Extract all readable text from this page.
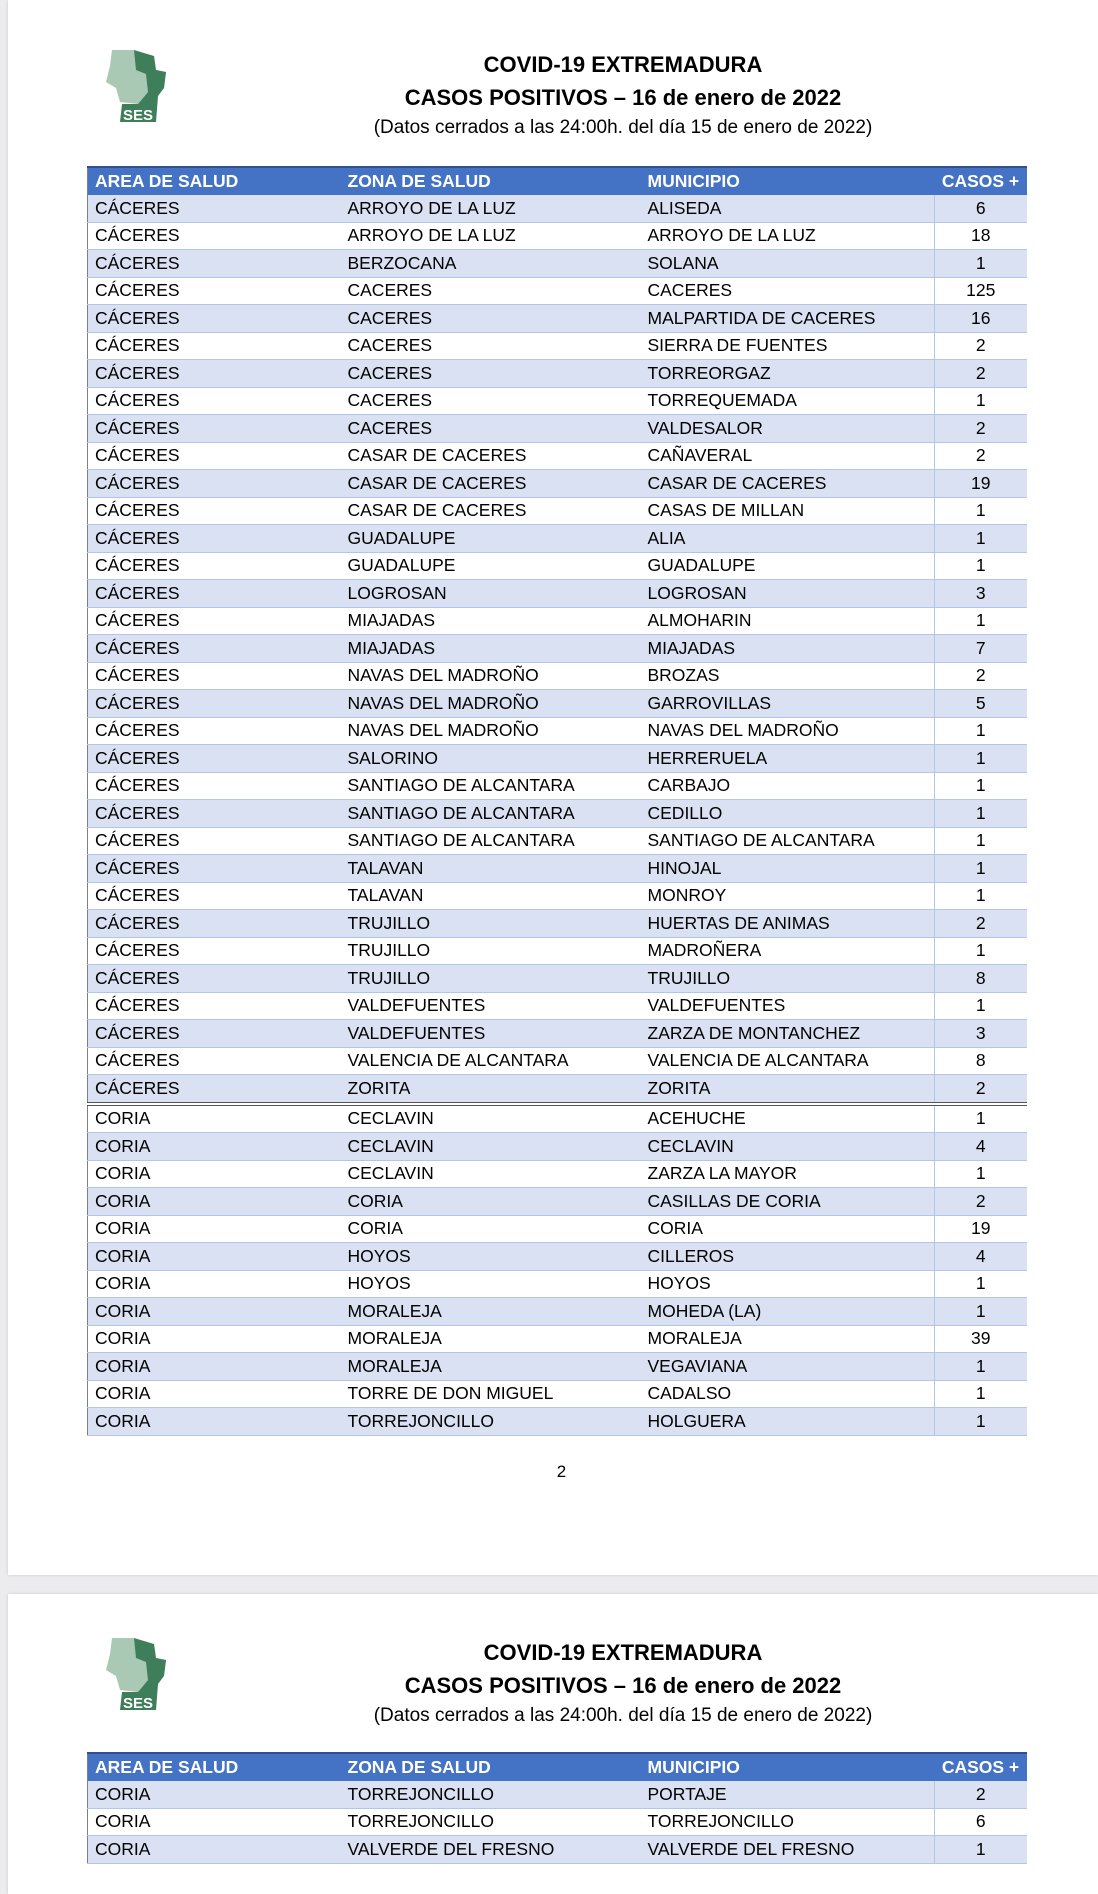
SES
COVID-19 EXTREMADURA
CASOS POSITIVOS – 16 de enero de 2022
(Datos cerrados a las 24:00h. del día 15 de enero de 2022)
AREA DE SALUD	ZONA DE SALUD	MUNICIPIO	CASOS +
CÁCERES	ARROYO DE LA LUZ	ALISEDA	6
CÁCERES	ARROYO DE LA LUZ	ARROYO DE LA LUZ	18
CÁCERES	BERZOCANA	SOLANA	1
CÁCERES	CACERES	CACERES	125
CÁCERES	CACERES	MALPARTIDA DE CACERES	16
CÁCERES	CACERES	SIERRA DE FUENTES	2
CÁCERES	CACERES	TORREORGAZ	2
CÁCERES	CACERES	TORREQUEMADA	1
CÁCERES	CACERES	VALDESALOR	2
CÁCERES	CASAR DE CACERES	CAÑAVERAL	2
CÁCERES	CASAR DE CACERES	CASAR DE CACERES	19
CÁCERES	CASAR DE CACERES	CASAS DE MILLAN	1
CÁCERES	GUADALUPE	ALIA	1
CÁCERES	GUADALUPE	GUADALUPE	1
CÁCERES	LOGROSAN	LOGROSAN	3
CÁCERES	MIAJADAS	ALMOHARIN	1
CÁCERES	MIAJADAS	MIAJADAS	7
CÁCERES	NAVAS DEL MADROÑO	BROZAS	2
CÁCERES	NAVAS DEL MADROÑO	GARROVILLAS	5
CÁCERES	NAVAS DEL MADROÑO	NAVAS DEL MADROÑO	1
CÁCERES	SALORINO	HERRERUELA	1
CÁCERES	SANTIAGO DE ALCANTARA	CARBAJO	1
CÁCERES	SANTIAGO DE ALCANTARA	CEDILLO	1
CÁCERES	SANTIAGO DE ALCANTARA	SANTIAGO DE ALCANTARA	1
CÁCERES	TALAVAN	HINOJAL	1
CÁCERES	TALAVAN	MONROY	1
CÁCERES	TRUJILLO	HUERTAS DE ANIMAS	2
CÁCERES	TRUJILLO	MADROÑERA	1
CÁCERES	TRUJILLO	TRUJILLO	8
CÁCERES	VALDEFUENTES	VALDEFUENTES	1
CÁCERES	VALDEFUENTES	ZARZA DE MONTANCHEZ	3
CÁCERES	VALENCIA DE ALCANTARA	VALENCIA DE ALCANTARA	8
CÁCERES	ZORITA	ZORITA	2
CORIA	CECLAVIN	ACEHUCHE	1
CORIA	CECLAVIN	CECLAVIN	4
CORIA	CECLAVIN	ZARZA LA MAYOR	1
CORIA	CORIA	CASILLAS DE CORIA	2
CORIA	CORIA	CORIA	19
CORIA	HOYOS	CILLEROS	4
CORIA	HOYOS	HOYOS	1
CORIA	MORALEJA	MOHEDA (LA)	1
CORIA	MORALEJA	MORALEJA	39
CORIA	MORALEJA	VEGAVIANA	1
CORIA	TORRE DE DON MIGUEL	CADALSO	1
CORIA	TORREJONCILLO	HOLGUERA	1
2
SES
COVID-19 EXTREMADURA
CASOS POSITIVOS – 16 de enero de 2022
(Datos cerrados a las 24:00h. del día 15 de enero de 2022)
AREA DE SALUD	ZONA DE SALUD	MUNICIPIO	CASOS +
CORIA	TORREJONCILLO	PORTAJE	2
CORIA	TORREJONCILLO	TORREJONCILLO	6
CORIA	VALVERDE DEL FRESNO	VALVERDE DEL FRESNO	1
